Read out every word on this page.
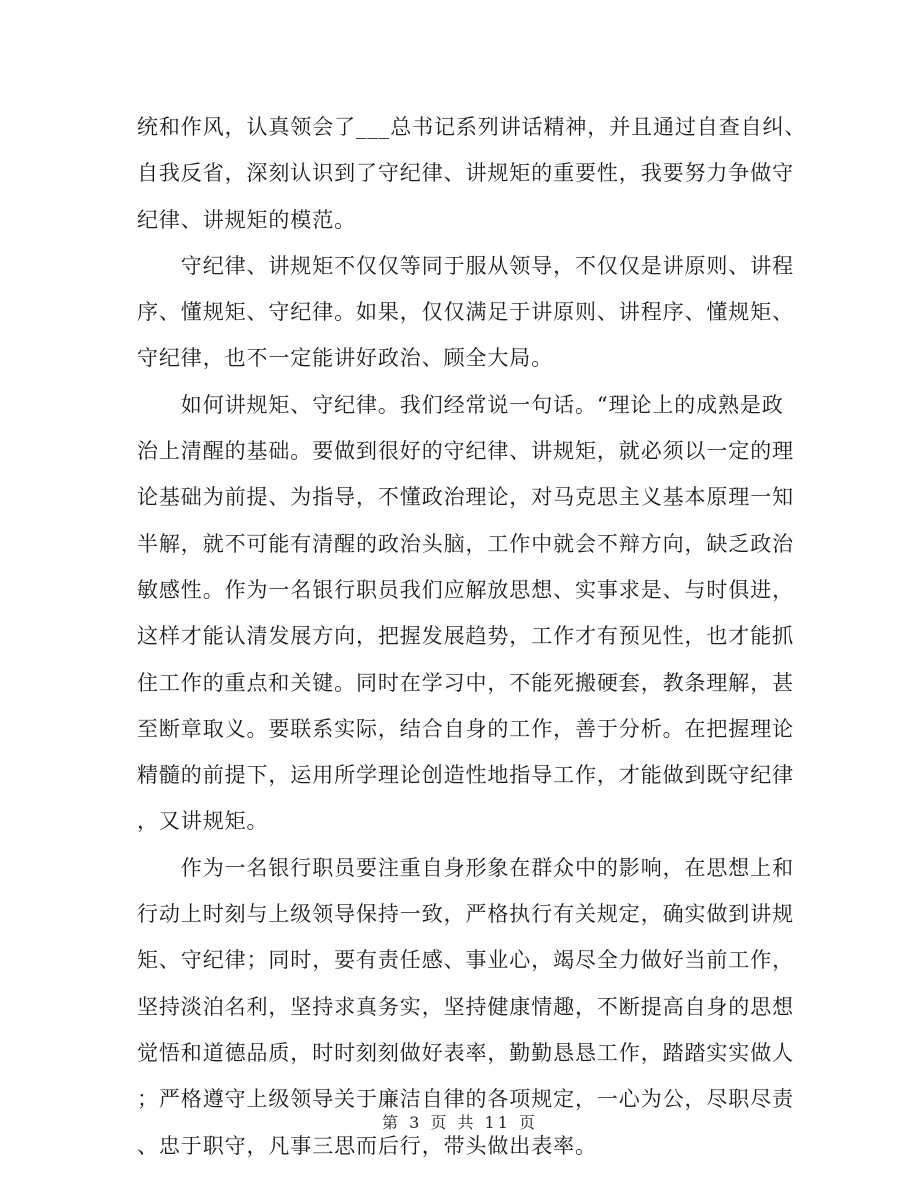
统和作风，认真领会了___总书记系列讲话精神，并且通过自查自纠、
自我反省，深刻认识到了守纪律、讲规矩的重要性，我要努力争做守
纪律、讲规矩的模范。
　　守纪律、讲规矩不仅仅等同于服从领导，不仅仅是讲原则、讲程
序、懂规矩、守纪律。如果，仅仅满足于讲原则、讲程序、懂规矩、
守纪律，也不一定能讲好政治、顾全大局。
　　如何讲规矩、守纪律。我们经常说一句话。“理论上的成熟是政
治上清醒的基础。要做到很好的守纪律、讲规矩，就必须以一定的理
论基础为前提、为指导，不懂政治理论，对马克思主义基本原理一知
半解，就不可能有清醒的政治头脑，工作中就会不辩方向，缺乏政治
敏感性。作为一名银行职员我们应解放思想、实事求是、与时俱进，
这样才能认清发展方向，把握发展趋势，工作才有预见性，也才能抓
住工作的重点和关键。同时在学习中，不能死搬硬套，教条理解，甚
至断章取义。要联系实际，结合自身的工作，善于分析。在把握理论
精髓的前提下，运用所学理论创造性地指导工作，才能做到既守纪律
，又讲规矩。
　　作为一名银行职员要注重自身形象在群众中的影响，在思想上和
行动上时刻与上级领导保持一致，严格执行有关规定，确实做到讲规
矩、守纪律；同时，要有责任感、事业心，竭尽全力做好当前工作，
坚持淡泊名利，坚持求真务实，坚持健康情趣，不断提高自身的思想
觉悟和道德品质，时时刻刻做好表率，勤勤恳恳工作，踏踏实实做人
；严格遵守上级领导关于廉洁自律的各项规定，一心为公，尽职尽责
、忠于职守，凡事三思而后行，带头做出表率。
第 3 页 共 11 页
